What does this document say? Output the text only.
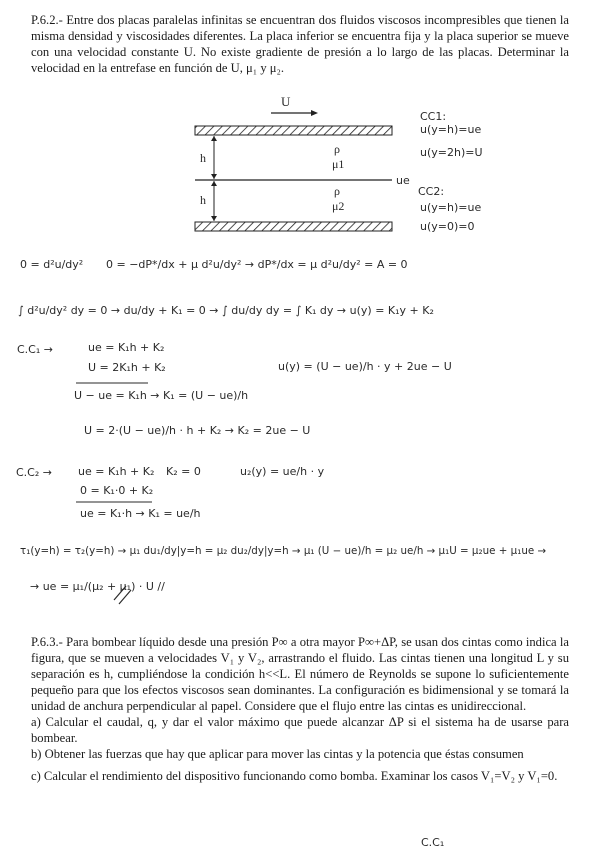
P.6.2.- Entre dos placas paralelas infinitas se encuentran dos fluidos viscosos incompresibles que tienen la misma densidad y viscosidades diferentes. La placa inferior se encuentra fija y la placa superior se mueve con una velocidad constante U. No existe gradiente de presión a lo largo de las placas. Determinar la velocidad en la entrefase en función de U, μ₁ y μ₂.

U
h
h
ρ
μ1
ρ
μ2
ue
CC1:
u(y=h)=ue
u(y=2h)=U
CC2:
u(y=h)=ue
u(y=0)=0
0 = d²u/dy² 0 = −dP*/dx + μ d²u/dy² → dP*/dx = μ d²u/dy² = A = 0
∫ d²u/dy² dy = 0 → du/dy + K₁ = 0 → ∫ du/dy dy = ∫ K₁ dy → u(y) = K₁y + K₂
C.C₁ →	ue = K₁h + K₂
U = 2K₁h + K₂
U − ue = K₁h → K₁ = (U − ue)/h
u(y) = (U − ue)/h · y + 2ue − U
U = 2·(U − ue)/h · h + K₂ → K₂ = 2ue − U
C.C₂ → ue = K₁h + K₂ K₂ = 0	u₂(y) = ue/h · y
0 = K₁·0 + K₂
ue = K₁·h → K₁ = ue/h
τ₁(y=h) = τ₂(y=h) → μ₁ du₁/dy|y=h = μ₂ du₂/dy|y=h → μ₁ (U − ue)/h = μ₂ ue/h → μ₁U = μ₂ue + μ₁ue →
→ ue = μ₁/(μ₂ + μ₁) · U //

P.6.3.- Para bombear líquido desde una presión P∞ a otra mayor P∞+ΔP, se usan dos cintas como indica la figura, que se mueven a velocidades V₁ y V₂, arrastrando el fluido. Las cintas tienen una longitud L y su separación es h, cumpliéndose la condición h<<L. El número de Reynolds se supone lo suficientemente pequeño para que los efectos viscosos sean dominantes. La configuración es bidimensional y se tomará la unidad de anchura perpendicular al papel. Considere que el flujo entre las cintas es unidireccional.

a) Calcular el caudal, q, y dar el valor máximo que puede alcanzar ΔP si el sistema ha de usarse para bombear.

b) Obtener las fuerzas que hay que aplicar para mover las cintas y la potencia que éstas consumen

c) Calcular el rendimiento del dispositivo funcionando como bomba. Examinar los casos V₁=V₂ y V₁=0.

C.C₁
